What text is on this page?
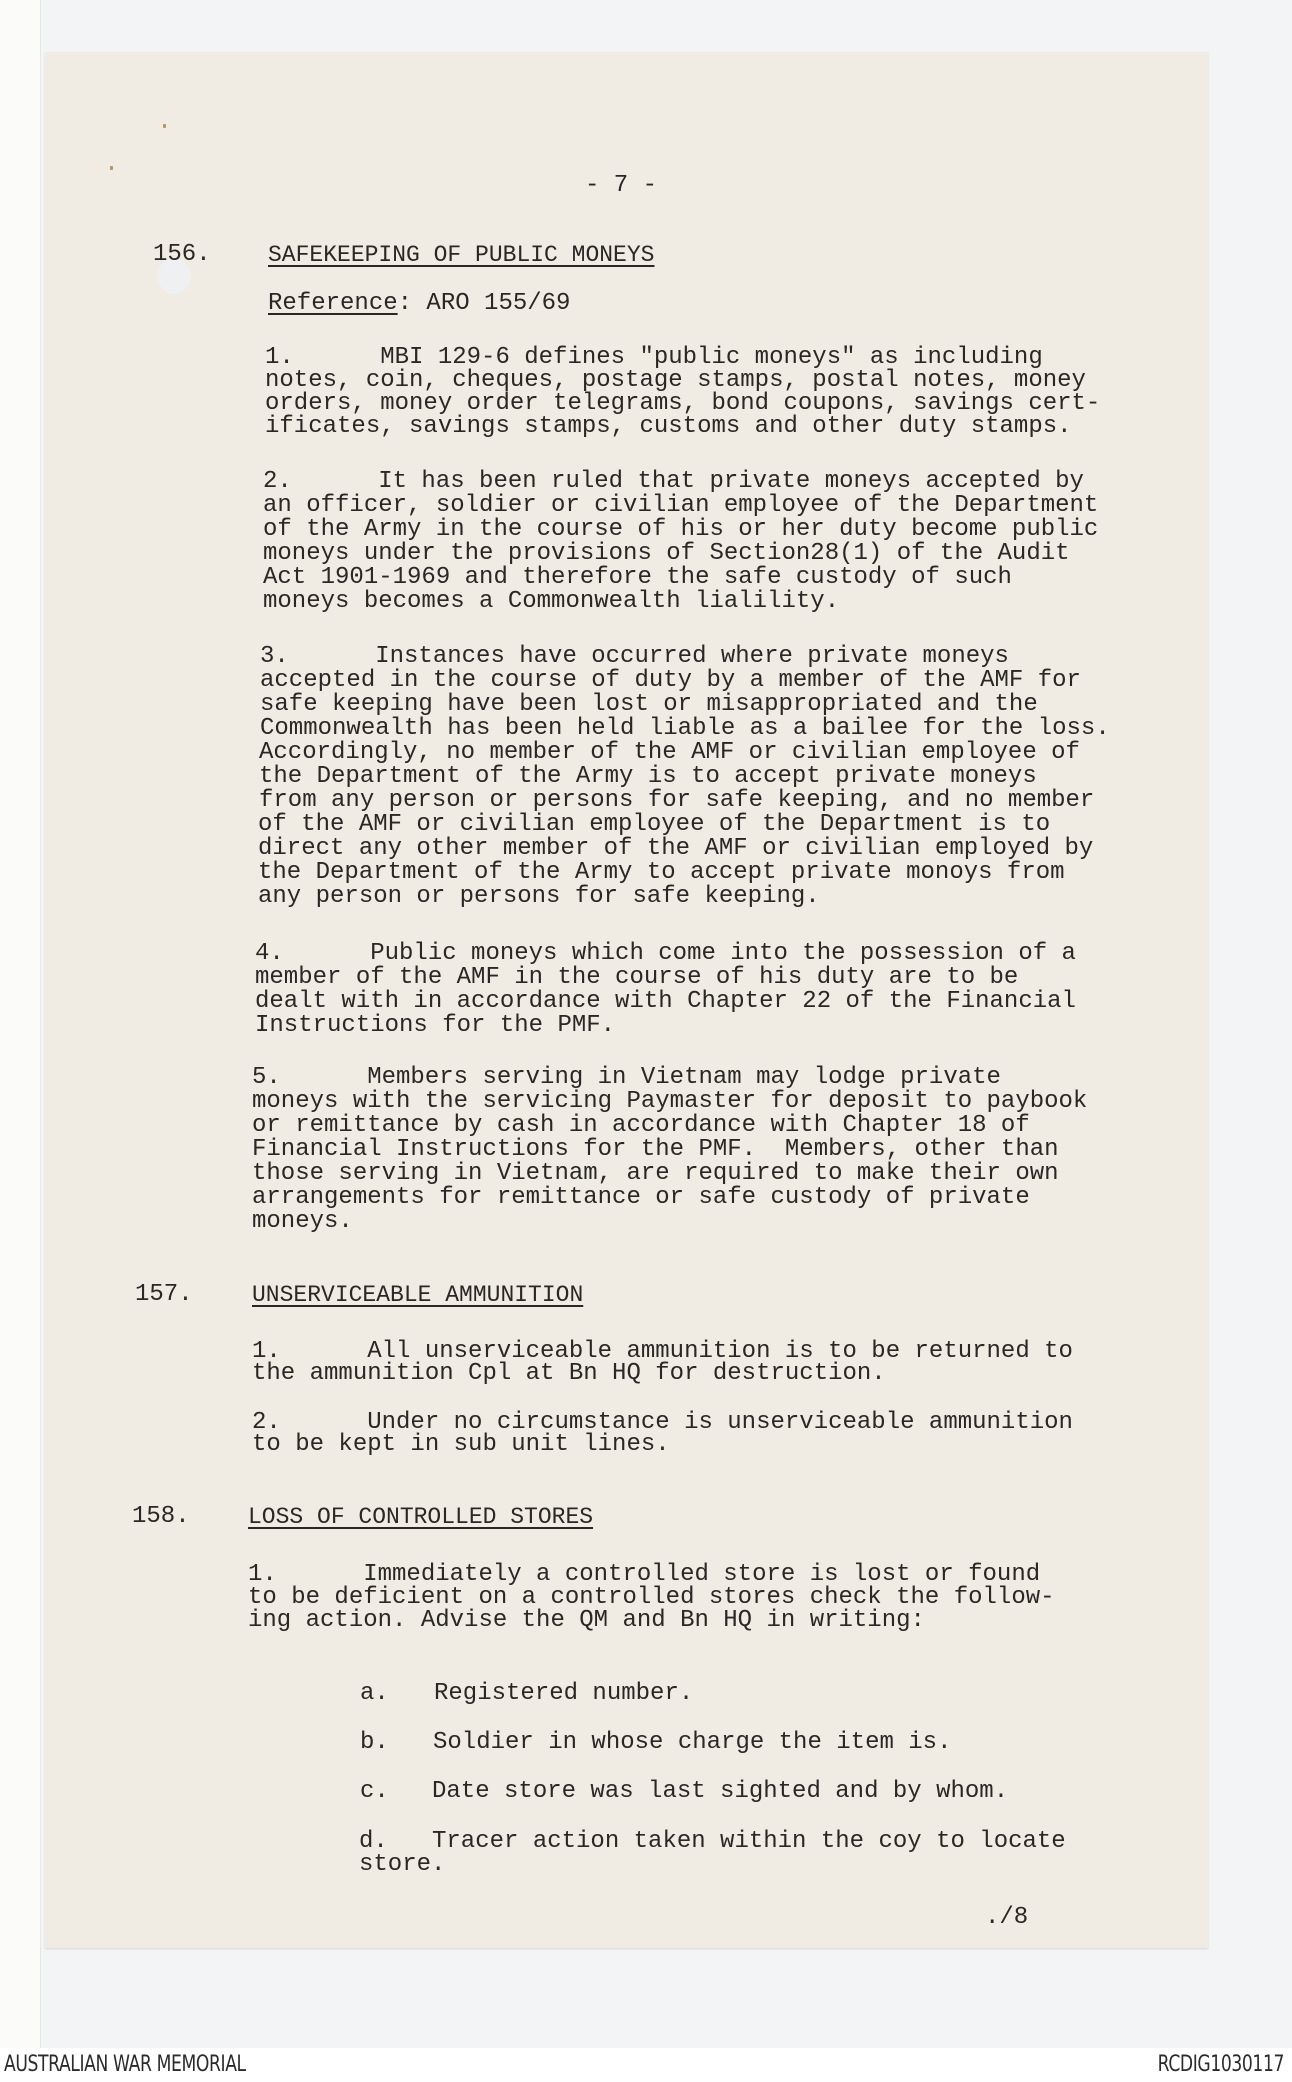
- 7 -
156. SAFEKEEPING OF PUBLIC MONEYS
Reference: ARO 155/69
1.      MBI 129-6 defines "public moneys" as including
notes, coin, cheques, postage stamps, postal notes, money
orders, money order telegrams, bond coupons, savings cert-
ificates, savings stamps, customs and other duty stamps.
2.      It has been ruled that private moneys accepted by
an officer, soldier or civilian employee of the Department
of the Army in the course of his or her duty become public
moneys under the provisions of Section28(1) of the Audit
Act 1901-1969 and therefore the safe custody of such
moneys becomes a Commonwealth lialility.
3.      Instances have occurred where private moneys
accepted in the course of duty by a member of the AMF for
safe keeping have been lost or misappropriated and the
Commonwealth has been held liable as a bailee for the loss.
Accordingly, no member of the AMF or civilian employee of
the Department of the Army is to accept private moneys
from any person or persons for safe keeping, and no member
of the AMF or civilian employee of the Department is to
direct any other member of the AMF or civilian employed by
the Department of the Army to accept private monoys from
any person or persons for safe keeping.
4.      Public moneys which come into the possession of a
member of the AMF in the course of his duty are to be
dealt with in accordance with Chapter 22 of the Financial
Instructions for the PMF.
5.      Members serving in Vietnam may lodge private
moneys with the servicing Paymaster for deposit to paybook
or remittance by cash in accordance with Chapter 18 of
Financial Instructions for the PMF.  Members, other than
those serving in Vietnam, are required to make their own
arrangements for remittance or safe custody of private
moneys.
157.	UNSERVICEABLE AMMUNITION
1.      All unserviceable ammunition is to be returned to
the ammunition Cpl at Bn HQ for destruction.
2.      Under no circumstance is unserviceable ammunition
to be kept in sub unit lines.
158.	LOSS OF CONTROLLED STORES
1.      Immediately a controlled store is lost or found
to be deficient on a controlled stores check the follow-
ing action. Advise the QM and Bn HQ in writing:
a. Registered number.
b. Soldier in whose charge the item is.
c. Date store was last sighted and by whom.
d. Tracer action taken within the coy to locate
store.
./8
AUSTRALIAN WAR MEMORIAL	RCDIG1030117
